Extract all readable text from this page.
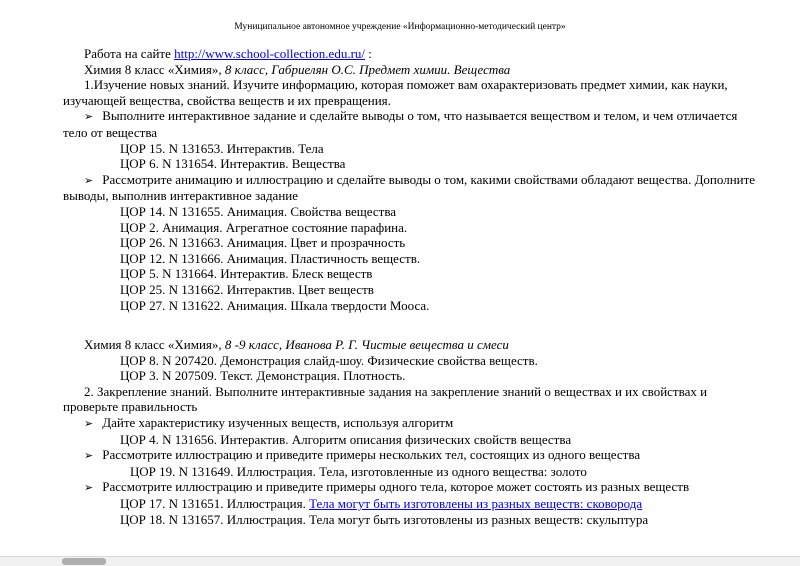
Муниципальное автономное учреждение «Информационно-методический центр»

Работа на сайте http://www.school-collection.edu.ru/ :

Химия 8 класс «Химия», 8 класс, Габриелян О.С. Предмет химии. Вещества

1.Изучение новых знаний. Изучите информацию, которая поможет вам охарактеризовать предмет химии, как науки, изучающей вещества, свойства веществ и их превращения.

➢ Выполните интерактивное задание и сделайте выводы о том, что называется веществом и телом, и чем отличается тело от вещества

ЦОР 15. N 131653. Интерактив. Тела

ЦОР 6. N 131654. Интерактив. Вещества

➢ Рассмотрите анимацию и иллюстрацию и сделайте выводы о том, какими свойствами обладают вещества. Дополните выводы, выполнив интерактивное задание

ЦОР 14. N 131655. Анимация. Свойства вещества

ЦОР 2. Анимация. Агрегатное состояние парафина.

ЦОР 26. N 131663. Анимация. Цвет и прозрачность

ЦОР 12. N 131666. Анимация. Пластичность веществ.

ЦОР 5. N 131664. Интерактив. Блеск веществ

ЦОР 25. N 131662. Интерактив. Цвет веществ

ЦОР 27. N 131622. Анимация. Шкала твердости Мооса.

Химия 8 класс «Химия», 8 -9 класс, Иванова Р. Г. Чистые вещества и смеси

ЦОР 8. N 207420. Демонстрация слайд-шоу. Физические свойства веществ.

ЦОР 3. N 207509. Текст. Демонстрация. Плотность.

2. Закрепление знаний. Выполните интерактивные задания на закрепление знаний о веществах и их свойствах и проверьте правильность

➢ Дайте характеристику изученных веществ, используя алгоритм

ЦОР 4. N 131656. Интерактив. Алгоритм описания физических свойств вещества

➢ Рассмотрите иллюстрацию и приведите примеры нескольких тел, состоящих из одного вещества

ЦОР 19. N 131649. Иллюстрация. Тела, изготовленные из одного вещества: золото

➢ Рассмотрите иллюстрацию и приведите примеры одного тела, которое может состоять из разных веществ

ЦОР 17. N 131651. Иллюстрация. Тела могут быть изготовлены из разных веществ: сковорода

ЦОР 18. N 131657. Иллюстрация. Тела могут быть изготовлены из разных веществ: скульптура
